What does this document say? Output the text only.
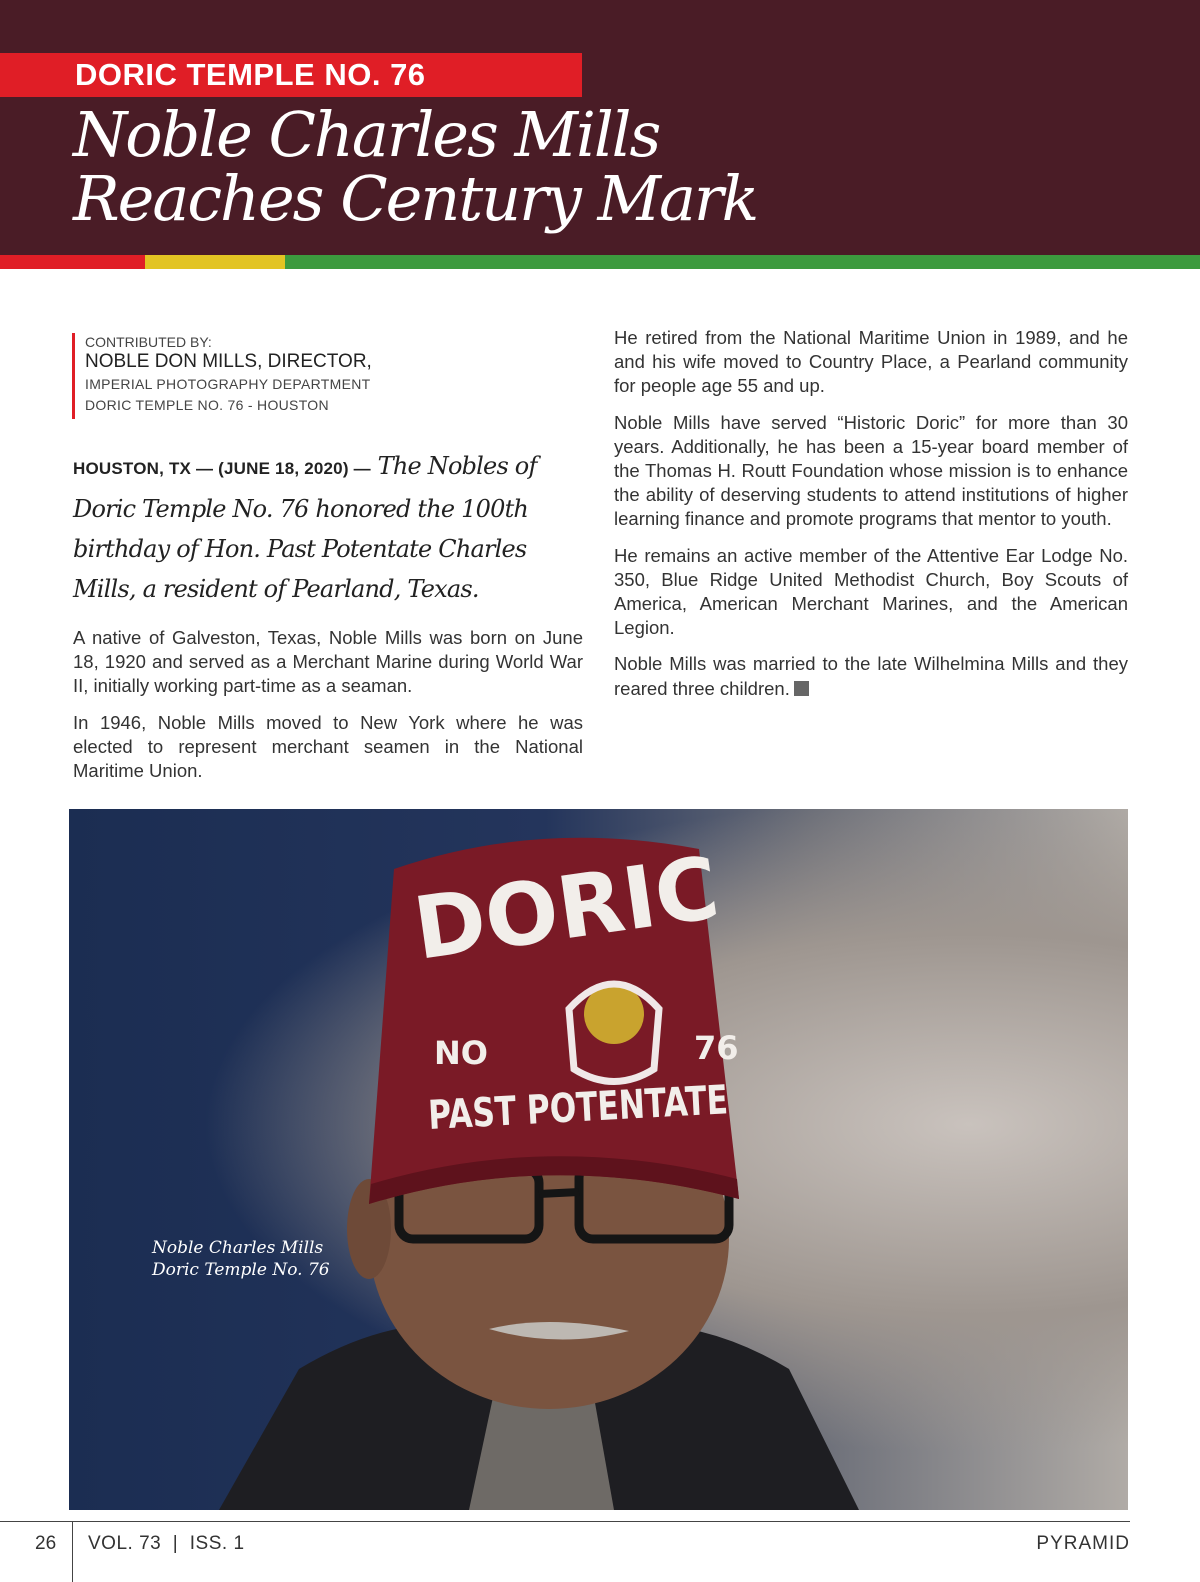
DORIC TEMPLE NO. 76
Noble Charles Mills
Reaches Century Mark
CONTRIBUTED BY:
NOBLE DON MILLS, DIRECTOR,
IMPERIAL PHOTOGRAPHY DEPARTMENT
DORIC TEMPLE NO. 76 - HOUSTON
HOUSTON, TX — (JUNE 18, 2020) — The Nobles of Doric Temple No. 76 honored the 100th birthday of Hon. Past Potentate Charles Mills, a resident of Pearland, Texas.

A native of Galveston, Texas, Noble Mills was born on June 18, 1920 and served as a Merchant Marine during World War II, initially working part-time as a seaman.

In 1946, Noble Mills moved to New York where he was elected to represent merchant seamen in the National Maritime Union.

He retired from the National Maritime Union in 1989, and he and his wife moved to Country Place, a Pearland community for people age 55 and up.

Noble Mills have served “Historic Doric” for more than 30 years. Additionally, he has been a 15-year board member of the Thomas H. Routt Foundation whose mission is to enhance the ability of deserving students to attend institutions of higher learning finance and promote programs that mentor to youth.

He remains an active member of the Attentive Ear Lodge No. 350, Blue Ridge United Methodist Church, Boy Scouts of America, American Merchant Marines, and the American Legion.

Noble Mills was married to the late Wilhelmina Mills and they reared three children.

DORIC
NO	76
PAST POTENTATE
Noble Charles Mills
Doric Temple No. 76
26 VOL. 73  |  ISS. 1	PYRAMID
